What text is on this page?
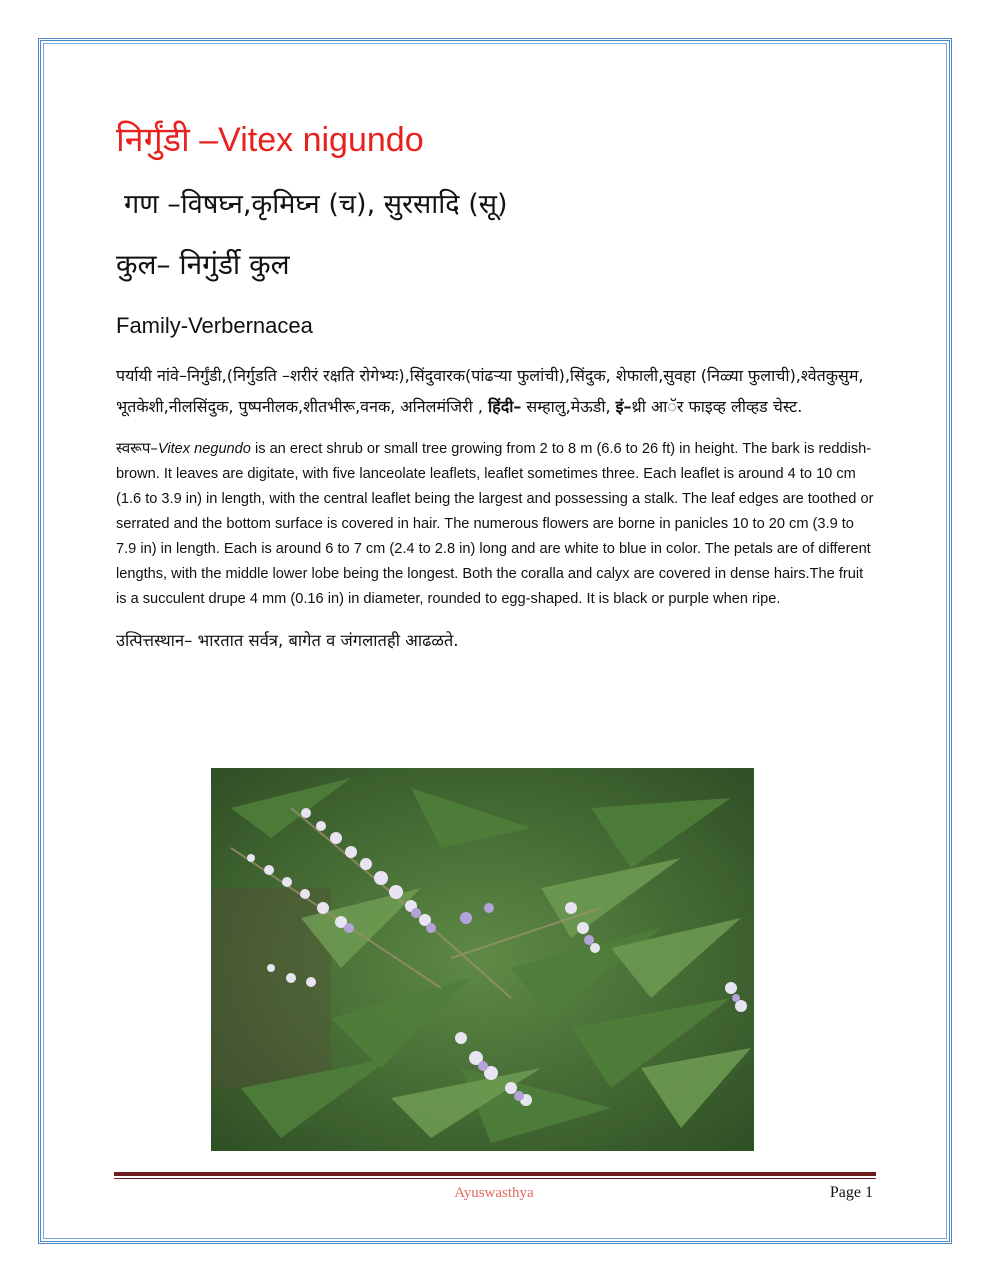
निर्गुंडी –Vitex nigundo
गण –विषघ्न,कृमिघ्न (च), सुरसादि (सू)
कुल– निगुंर्डी कुल
Family-Verbernacea

पर्यायी नांवे–निर्गुंडी,(निर्गुडति –शरीरं रक्षति रोगेभ्यः),सिंदुवारक(पांढऱ्या फुलांची),सिंदुक, शेफाली,सुवहा (निळ्या फुलाची),श्वेतकुसुम, भूतकेशी,नीलसिंदुक, पुष्पनीलक,शीतभीरू,वनक, अनिलमंजिरी , हिंदी– सम्हालु,मेऊडी, इं–थ्री आॅर फाइव्ह लीव्हड चेस्ट.

स्वरूप–Vitex negundo is an erect shrub or small tree growing from 2 to 8 m (6.6 to 26 ft) in height. The bark is reddish-brown. It leaves are digitate, with five lanceolate leaflets, leaflet sometimes three. Each leaflet is around 4 to 10 cm (1.6 to 3.9 in) in length, with the central leaflet being the largest and possessing a stalk. The leaf edges are toothed or serrated and the bottom surface is covered in hair. The numerous flowers are borne in panicles 10 to 20 cm (3.9 to 7.9 in) in length. Each is around 6 to 7 cm (2.4 to 2.8 in) long and are white to blue in color. The petals are of different lengths, with the middle lower lobe being the longest. Both the coralla and calyx are covered in dense hairs.The fruit is a succulent drupe 4 mm (0.16 in) in diameter, rounded to egg-shaped. It is black or purple when ripe.

उत्पित्तस्थान– भारतात सर्वत्र, बागेत व जंगलातही आढळते.

Ayuswasthya	Page 1
